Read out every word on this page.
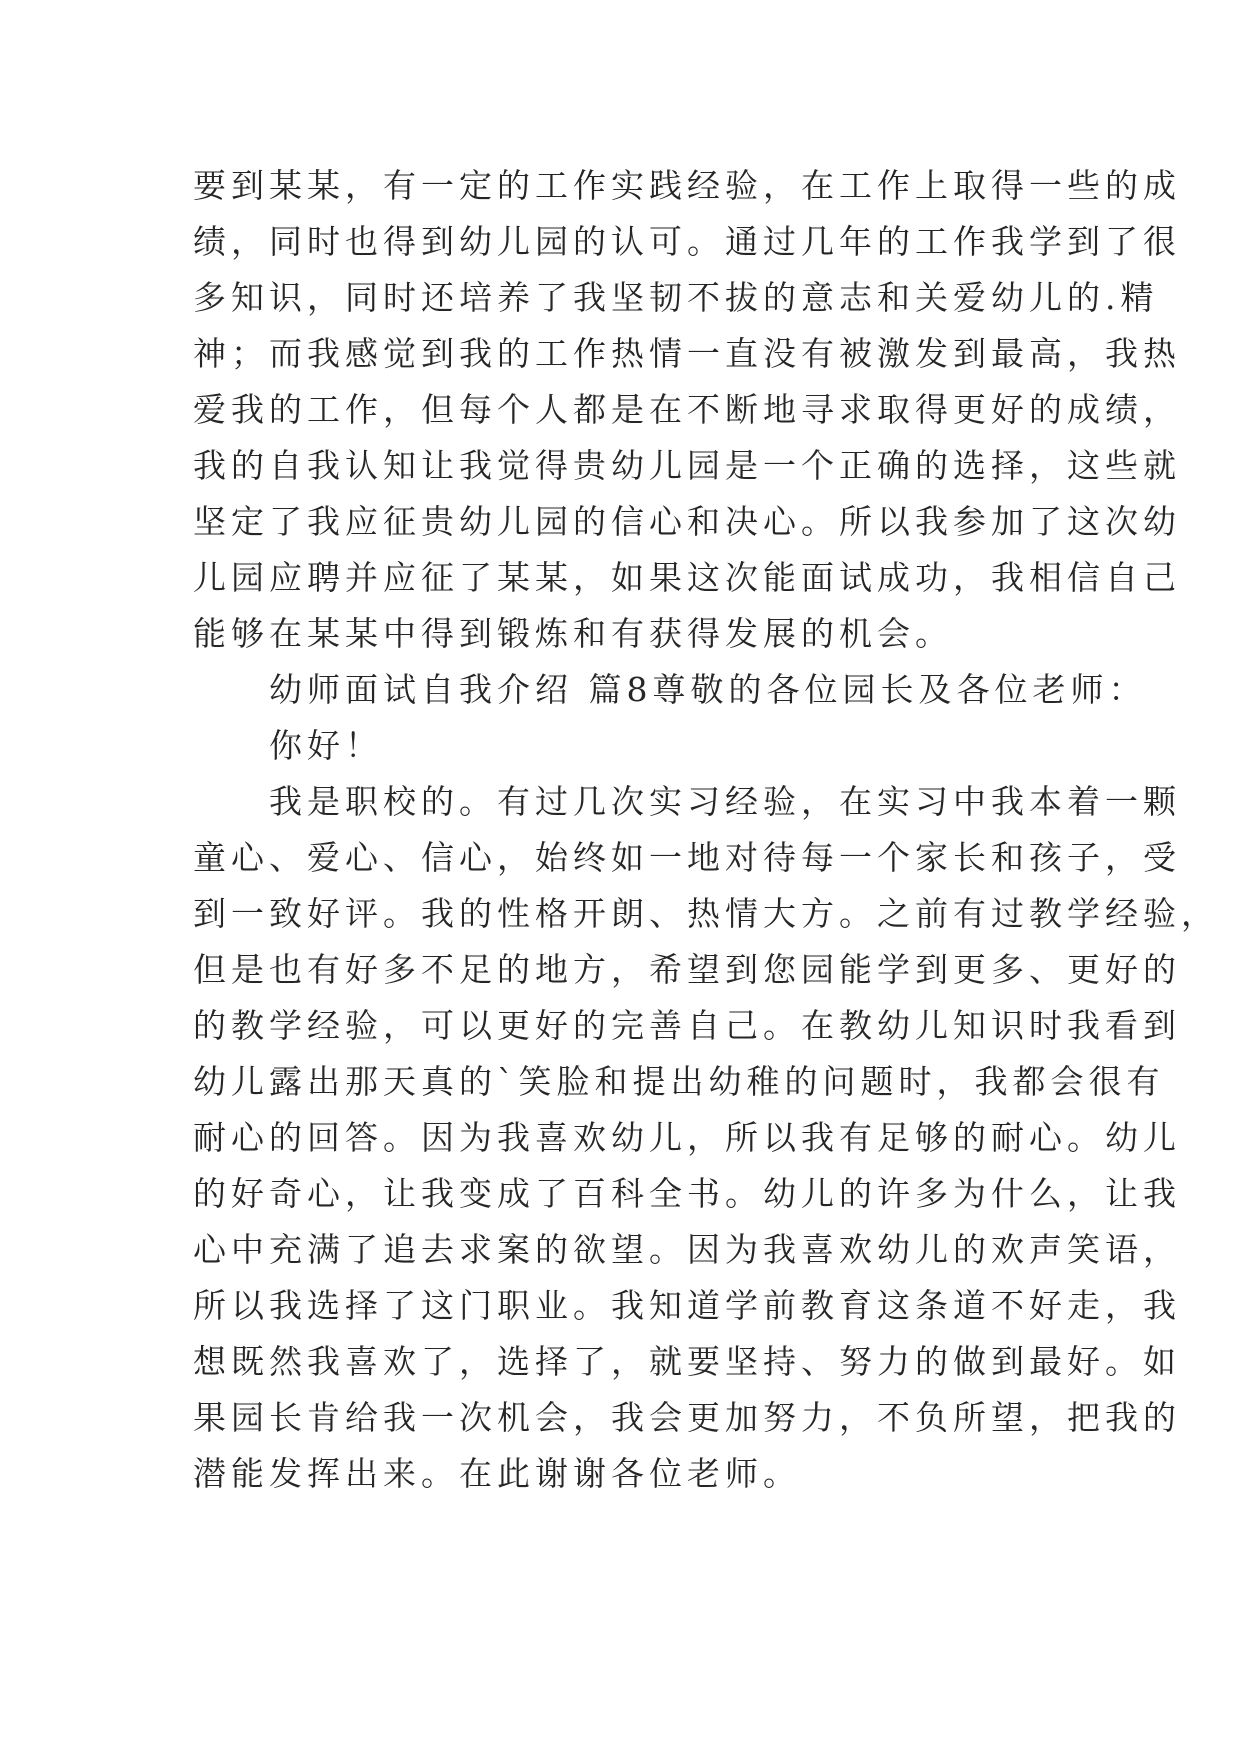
要到某某，有一定的工作实践经验，在工作上取得一些的成
绩，同时也得到幼儿园的认可。通过几年的工作我学到了很
多知识，同时还培养了我坚韧不拔的意志和关爱幼儿的.精
神；而我感觉到我的工作热情一直没有被激发到最高，我热
爱我的工作，但每个人都是在不断地寻求取得更好的成绩，
我的自我认知让我觉得贵幼儿园是一个正确的选择，这些就
坚定了我应征贵幼儿园的信心和决心。所以我参加了这次幼
儿园应聘并应征了某某，如果这次能面试成功，我相信自己
能够在某某中得到锻炼和有获得发展的机会。
幼师面试自我介绍 篇8尊敬的各位园长及各位老师：
你好！
我是职校的。有过几次实习经验，在实习中我本着一颗
童心、爱心、信心，始终如一地对待每一个家长和孩子，受
到一致好评。我的性格开朗、热情大方。之前有过教学经验，
但是也有好多不足的地方，希望到您园能学到更多、更好的
的教学经验，可以更好的完善自己。在教幼儿知识时我看到
幼儿露出那天真的`笑脸和提出幼稚的问题时，我都会很有
耐心的回答。因为我喜欢幼儿，所以我有足够的耐心。幼儿
的好奇心，让我变成了百科全书。幼儿的许多为什么，让我
心中充满了追去求案的欲望。因为我喜欢幼儿的欢声笑语，
所以我选择了这门职业。我知道学前教育这条道不好走，我
想既然我喜欢了，选择了，就要坚持、努力的做到最好。如
果园长肯给我一次机会，我会更加努力，不负所望，把我的
潜能发挥出来。在此谢谢各位老师。
